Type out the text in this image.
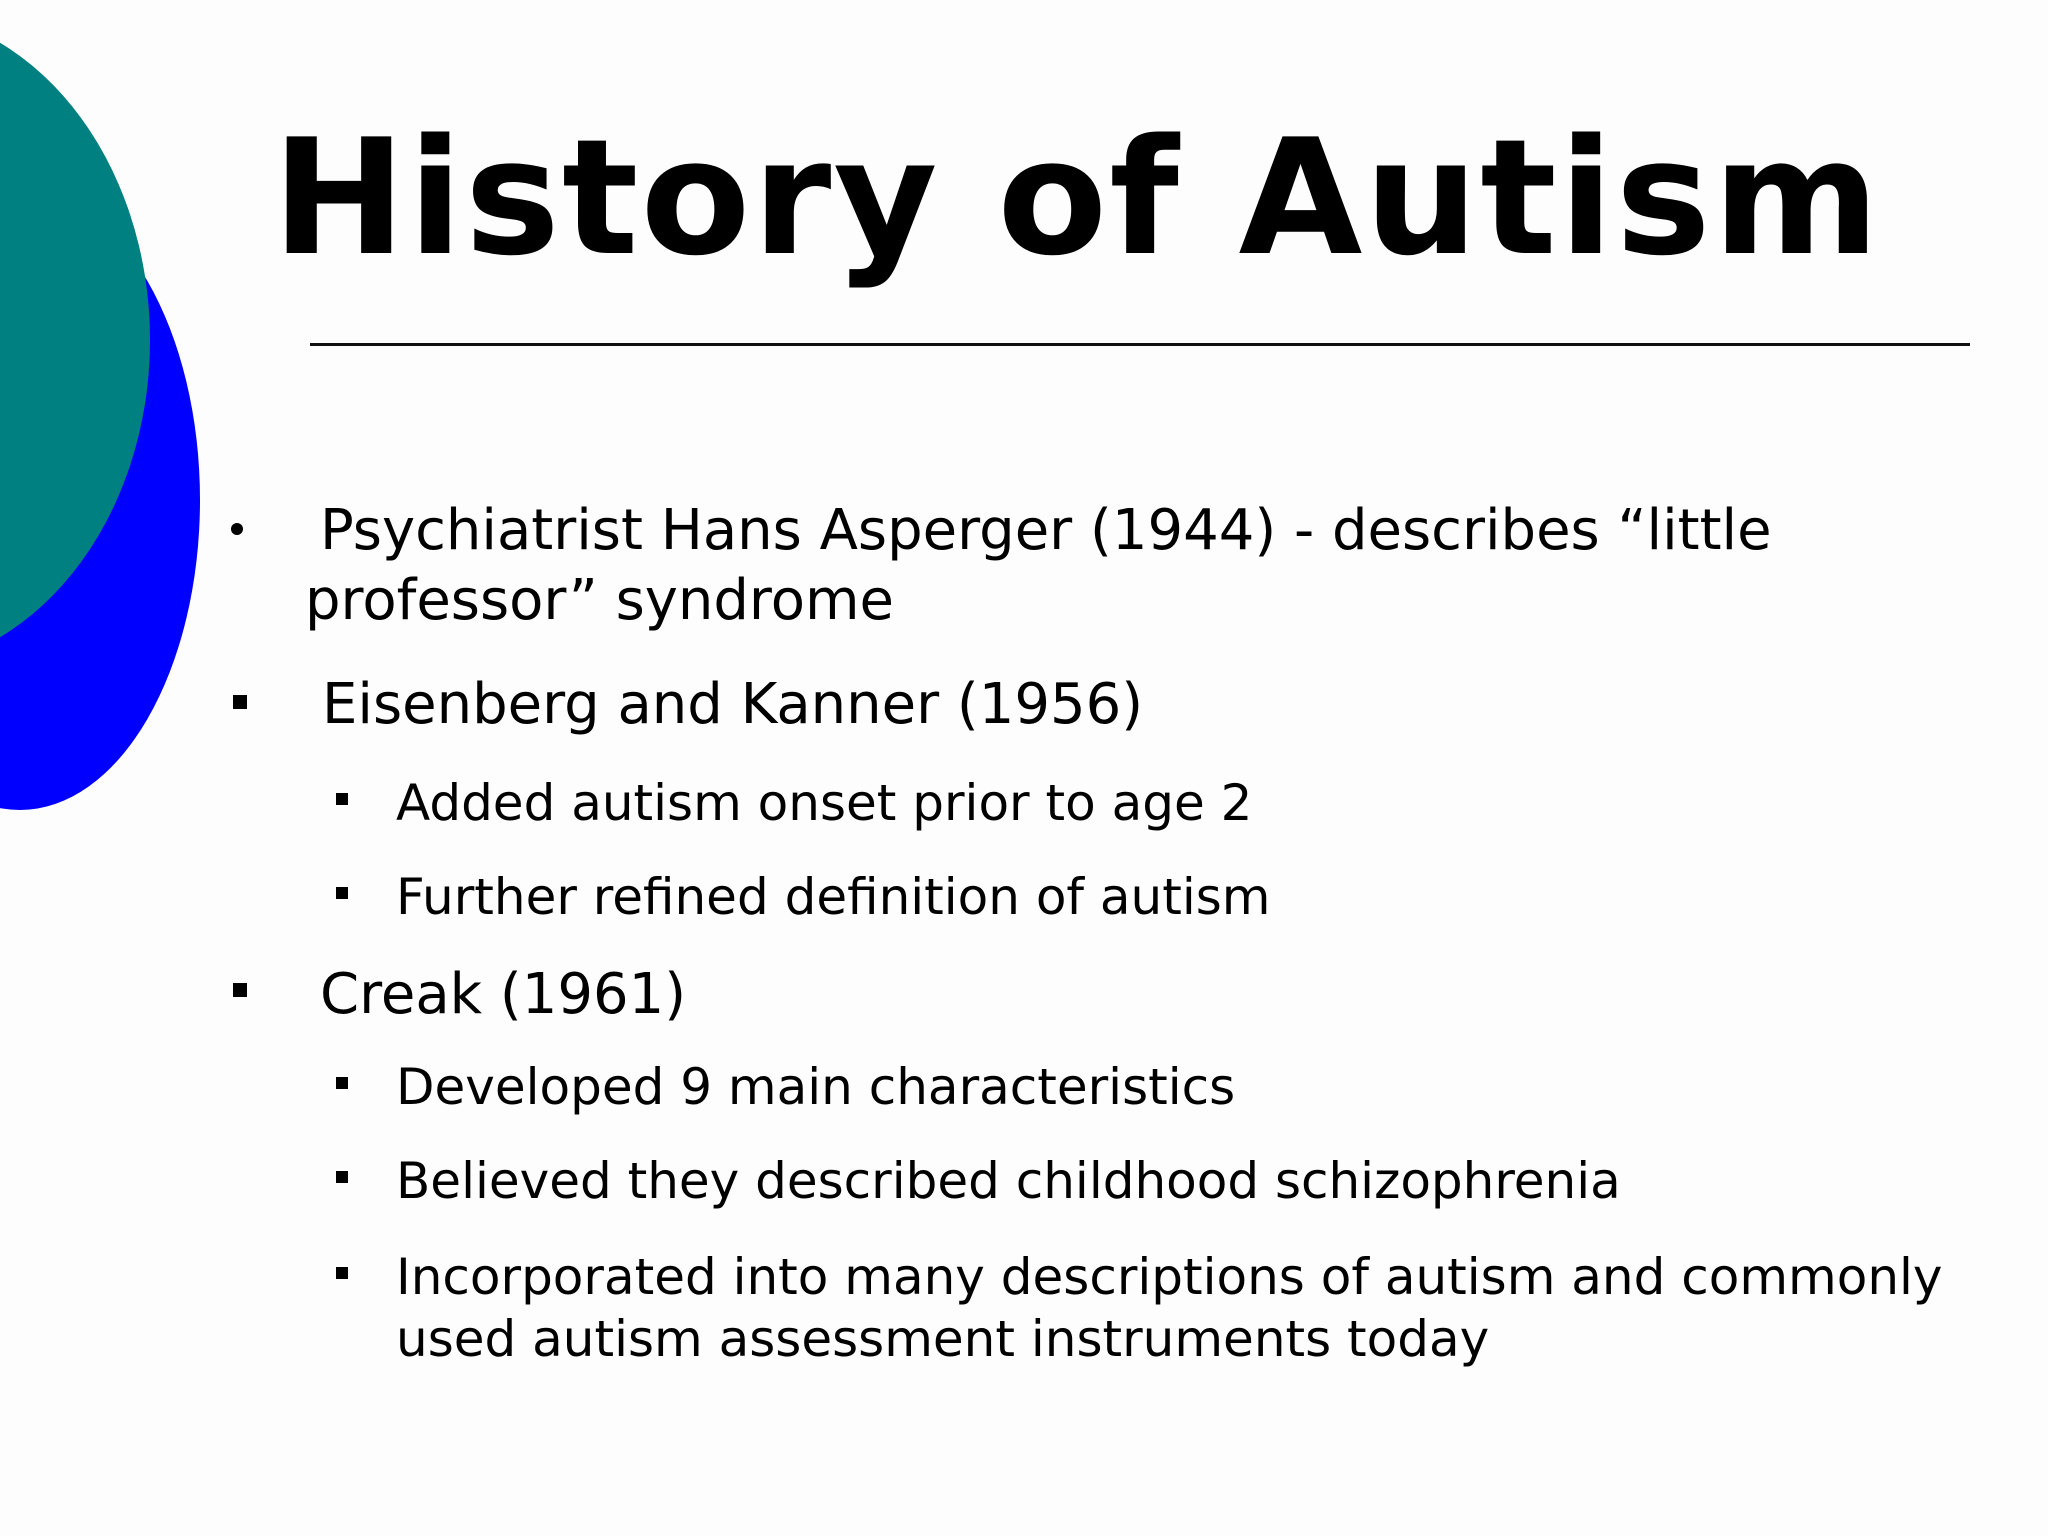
History of Autism

Psychiatrist Hans Asperger (1944) - describes “little

professor” syndrome

Eisenberg and Kanner (1956)

Added autism onset prior to age 2

Further refined definition of autism

Creak (1961)

Developed 9 main characteristics

Believed they described childhood schizophrenia

Incorporated into many descriptions of autism and commonly

used autism assessment instruments today
